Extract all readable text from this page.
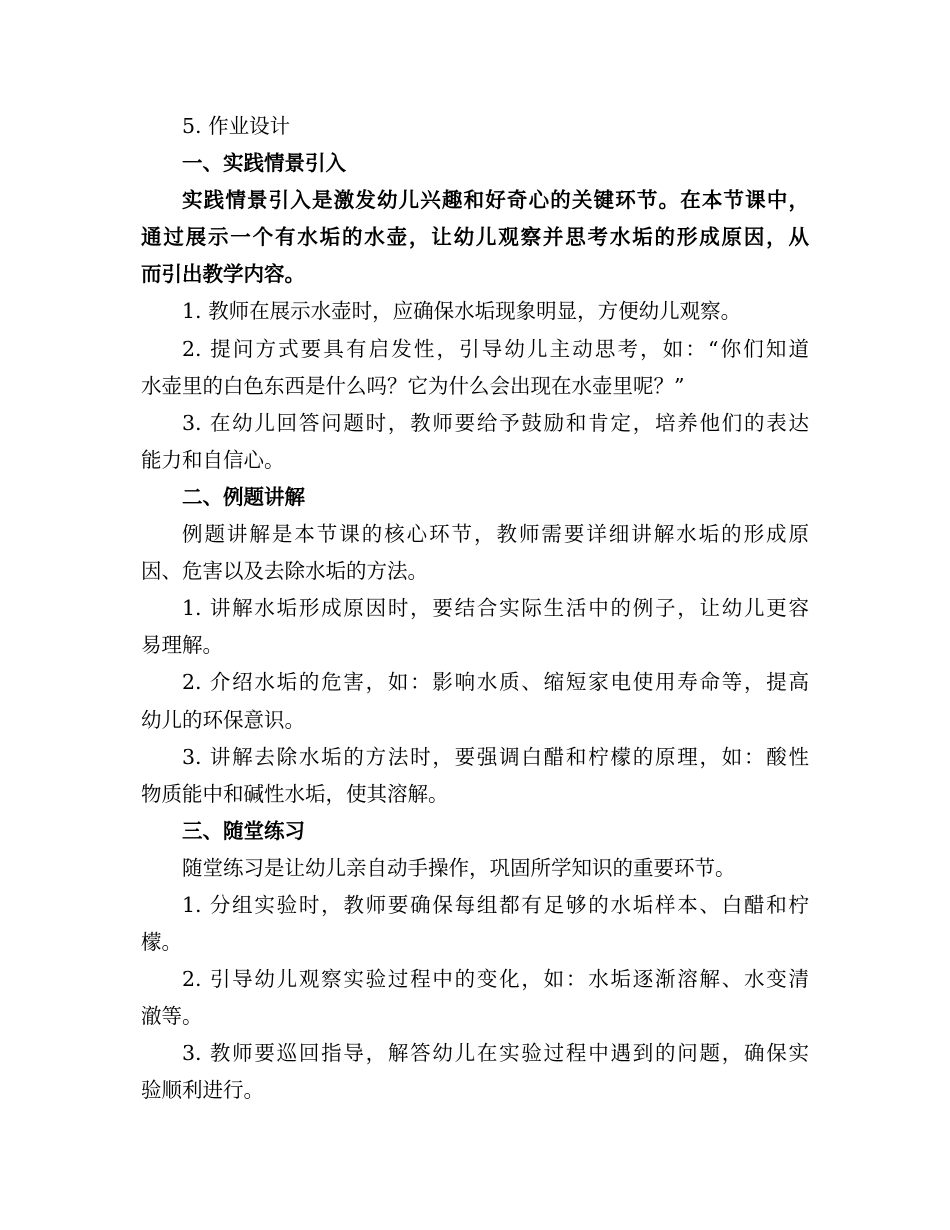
5. 作业设计

一、实践情景引入

实践情景引入是激发幼儿兴趣和好奇心的关键环节。在本节课中，

通过展示一个有水垢的水壶，让幼儿观察并思考水垢的形成原因，从

而引出教学内容。

1. 教师在展示水壶时，应确保水垢现象明显，方便幼儿观察。

2. 提问方式要具有启发性，引导幼儿主动思考，如：“你们知道

水壶里的白色东西是什么吗？它为什么会出现在水壶里呢？”

3. 在幼儿回答问题时，教师要给予鼓励和肯定，培养他们的表达

能力和自信心。

二、例题讲解

例题讲解是本节课的核心环节，教师需要详细讲解水垢的形成原

因、危害以及去除水垢的方法。

1. 讲解水垢形成原因时，要结合实际生活中的例子，让幼儿更容

易理解。

2. 介绍水垢的危害，如：影响水质、缩短家电使用寿命等，提高

幼儿的环保意识。

3. 讲解去除水垢的方法时，要强调白醋和柠檬的原理，如：酸性

物质能中和碱性水垢，使其溶解。

三、随堂练习

随堂练习是让幼儿亲自动手操作，巩固所学知识的重要环节。

1. 分组实验时，教师要确保每组都有足够的水垢样本、白醋和柠

檬。

2. 引导幼儿观察实验过程中的变化，如：水垢逐渐溶解、水变清

澈等。

3. 教师要巡回指导，解答幼儿在实验过程中遇到的问题，确保实

验顺利进行。
